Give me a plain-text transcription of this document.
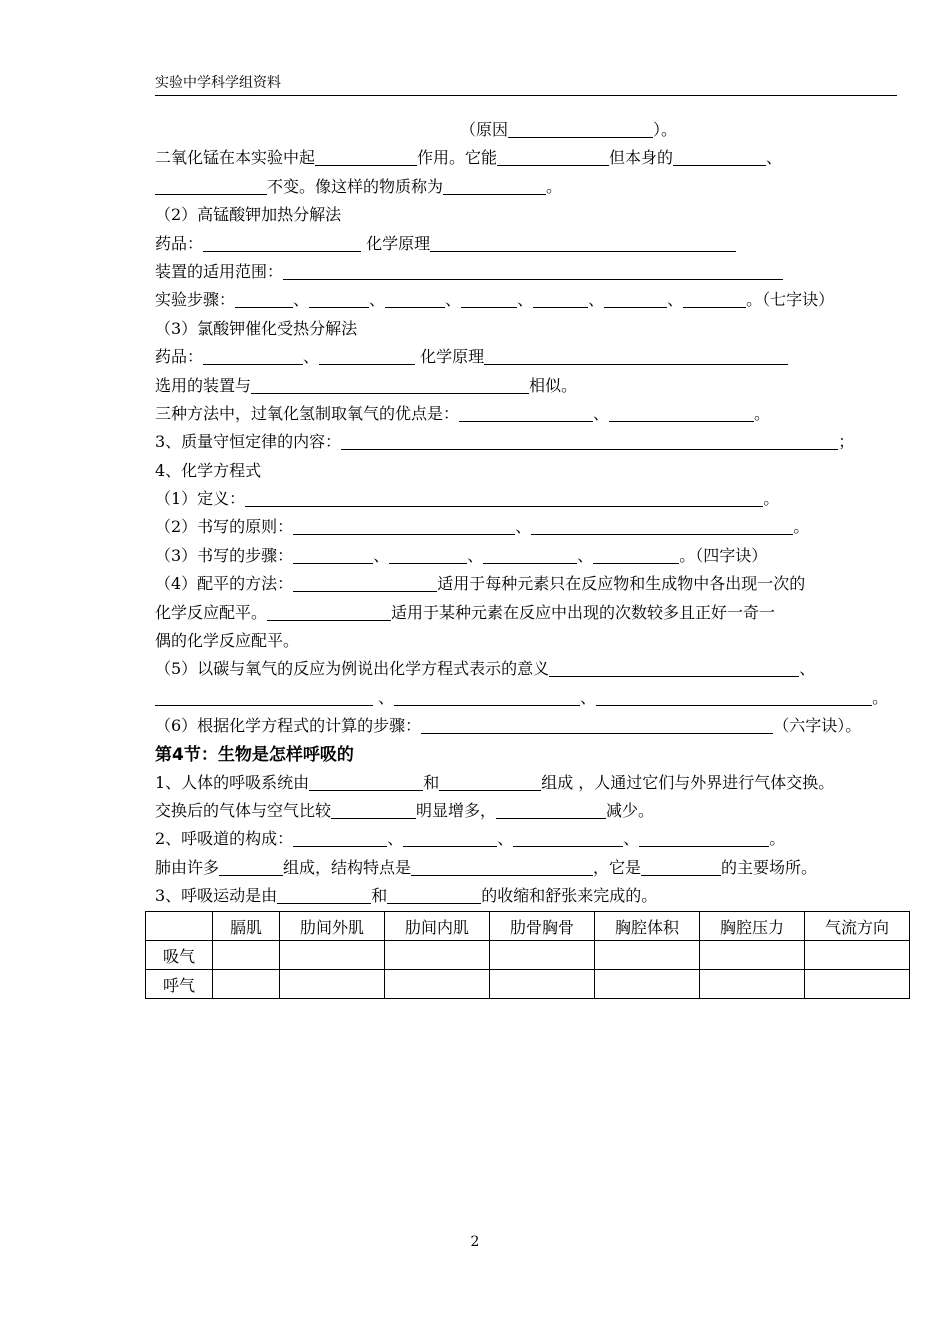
实验中学科学组资料
（原因	）。
二氧化锰在本实验中起	作用。它能	但本身的	、
不变。像这样的物质称为	。
（2）高锰酸钾加热分解法
药品：	化学原理
装置的适用范围：
实验步骤：	、	、	、	、	、	、	。（七字诀）
（3）氯酸钾催化受热分解法
药品：	、	化学原理
选用的装置与	相似。
三种方法中，过氧化氢制取氧气的优点是：	、	。
3、质量守恒定律的内容：	；
4、化学方程式
（1）定义：	。
（2）书写的原则：	、	。
（3）书写的步骤：	、	、	、	。（四字诀）
（4）配平的方法：	适用于每种元素只在反应物和生成物中各出现一次的
化学反应配平。	适用于某种元素在反应中出现的次数较多且正好一奇一
偶的化学反应配平。
（5）以碳与氧气的反应为例说出化学方程式表示的意义	、
、	、	。
（6）根据化学方程式的计算的步骤：	（六字诀）。
第4节：生物是怎样呼吸的
1、人体的呼吸系统由	和	组成 ，人通过它们与外界进行气体交换。
交换后的气体与空气比较	明显增多，	减少。
2、呼吸道的构成：	、	、	、	。
肺由许多	组成，结构特点是	，它是	的主要场所。
3、呼吸运动是由	和	的收缩和舒张来完成的。
	膈肌	肋间外肌	肋间内肌	肋骨胸骨	胸腔体积	胸腔压力	气流方向
吸气							
呼气							
2
